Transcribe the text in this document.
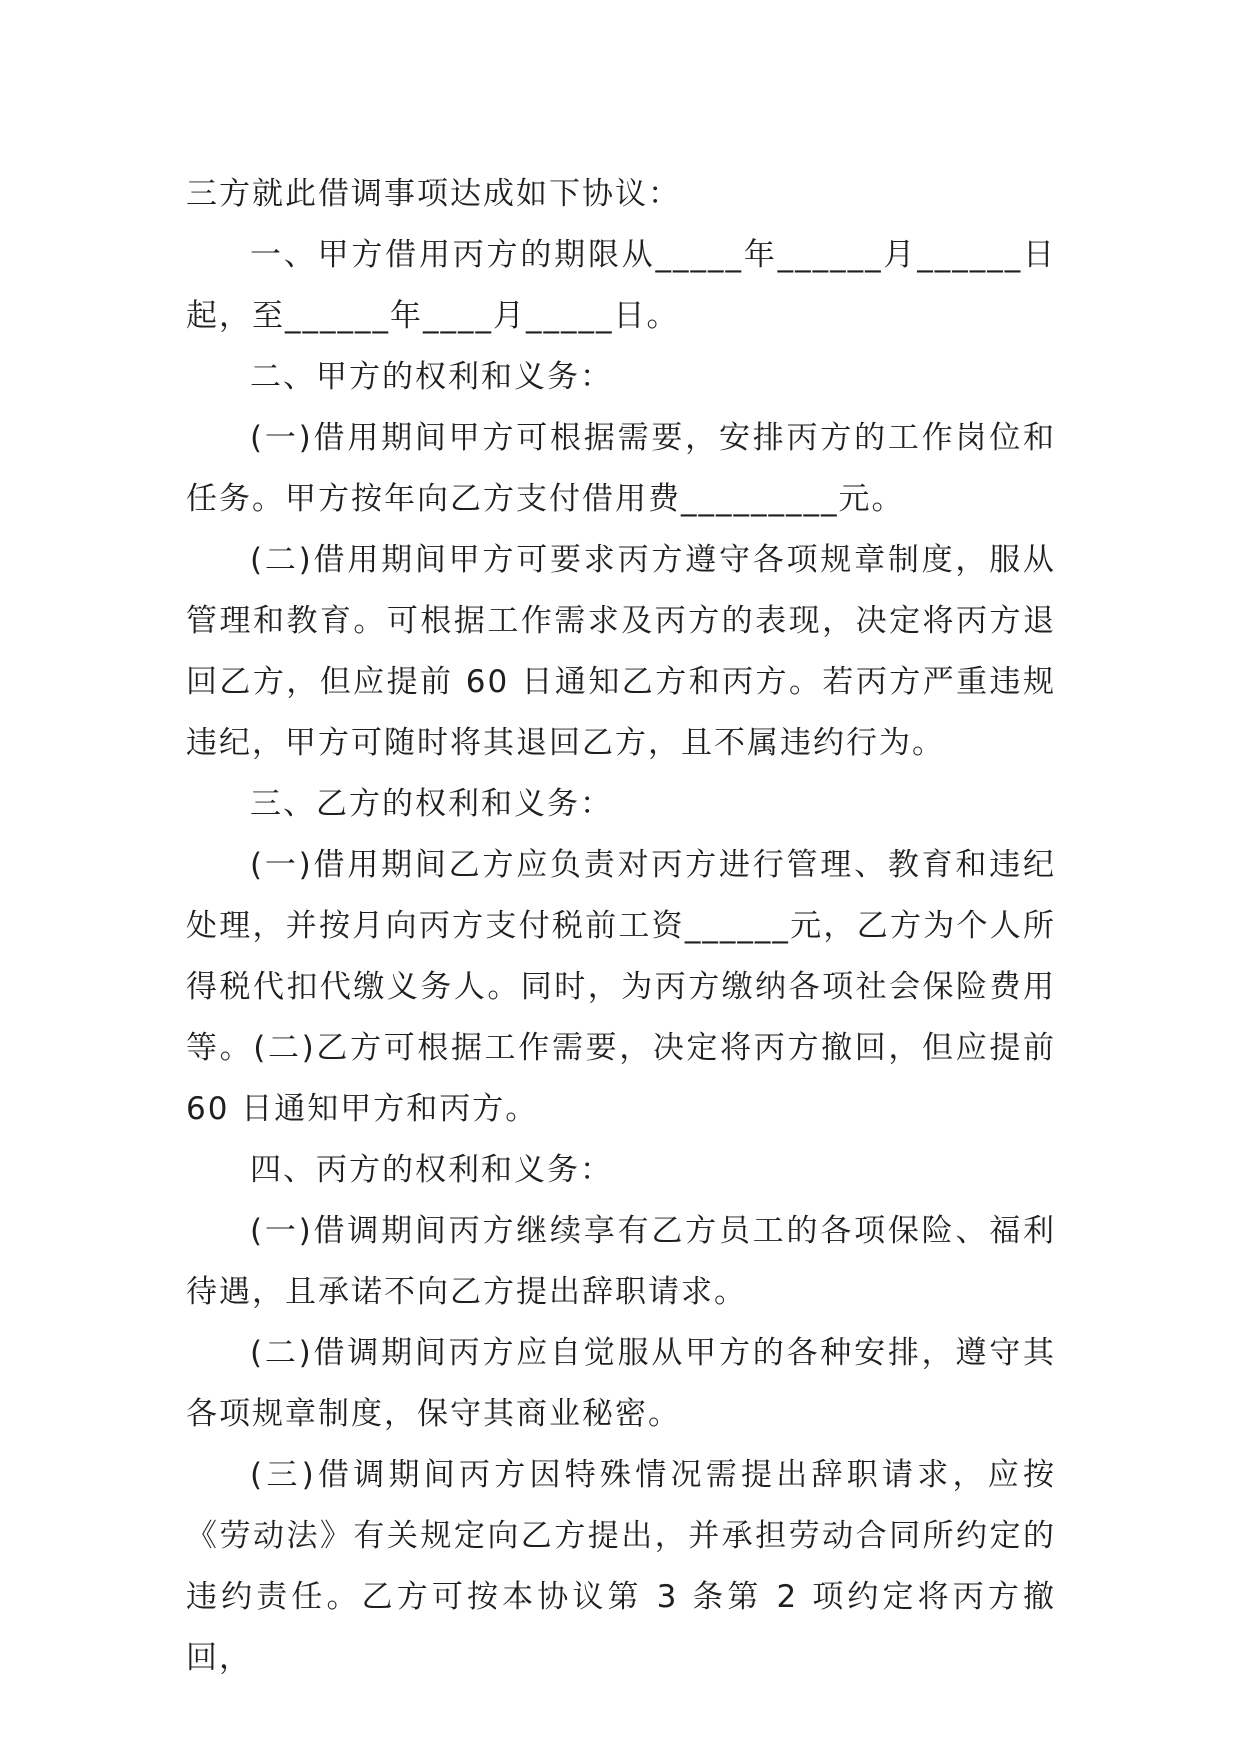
三方就此借调事项达成如下协议：

一、甲方借用丙方的期限从_____年______月______日起，至______年____月_____日。

二、甲方的权利和义务：

(一)借用期间甲方可根据需要，安排丙方的工作岗位和任务。甲方按年向乙方支付借用费_________元。

(二)借用期间甲方可要求丙方遵守各项规章制度，服从管理和教育。可根据工作需求及丙方的表现，决定将丙方退回乙方，但应提前 60 日通知乙方和丙方。若丙方严重违规违纪，甲方可随时将其退回乙方，且不属违约行为。

三、乙方的权利和义务：

(一)借用期间乙方应负责对丙方进行管理、教育和违纪处理，并按月向丙方支付税前工资______元，乙方为个人所得税代扣代缴义务人。同时，为丙方缴纳各项社会保险费用等。(二)乙方可根据工作需要，决定将丙方撤回，但应提前 60 日通知甲方和丙方。

四、丙方的权利和义务：

(一)借调期间丙方继续享有乙方员工的各项保险、福利待遇，且承诺不向乙方提出辞职请求。

(二)借调期间丙方应自觉服从甲方的各种安排，遵守其各项规章制度，保守其商业秘密。

(三)借调期间丙方因特殊情况需提出辞职请求，应按《劳动法》有关规定向乙方提出，并承担劳动合同所约定的违约责任。乙方可按本协议第 3 条第 2 项约定将丙方撤回，
